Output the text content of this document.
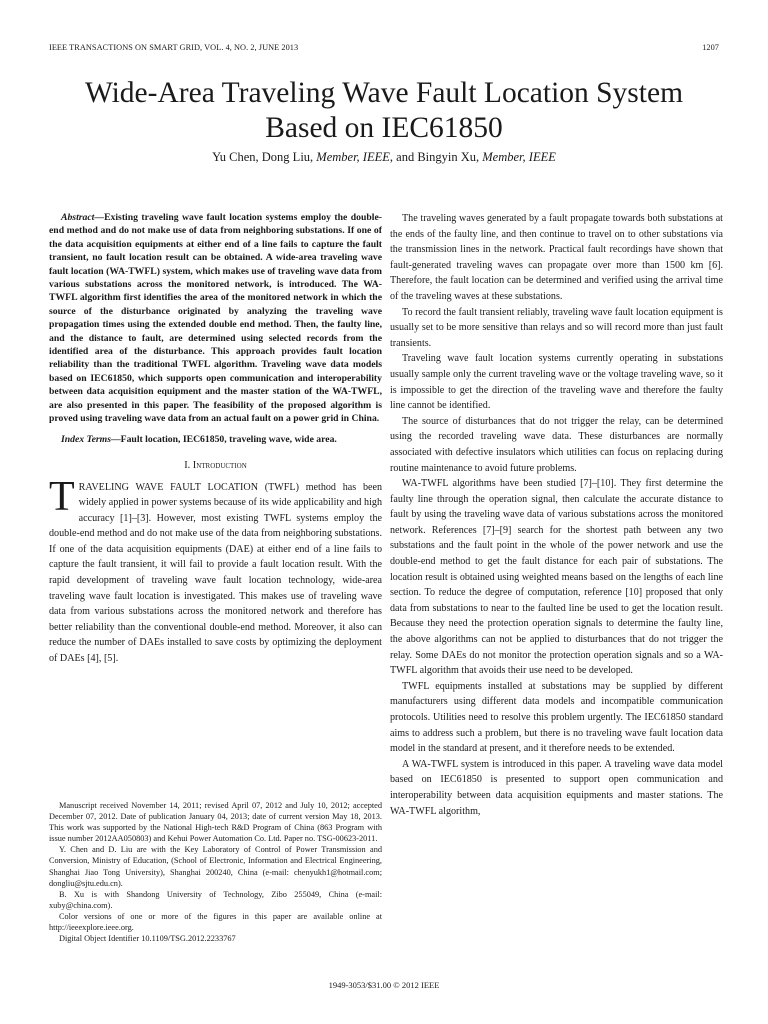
IEEE TRANSACTIONS ON SMART GRID, VOL. 4, NO. 2, JUNE 2013	1207
Wide-Area Traveling Wave Fault Location System
Based on IEC61850
Yu Chen, Dong Liu, Member, IEEE, and Bingyin Xu, Member, IEEE

Abstract—Existing traveling wave fault location systems employ the double-end method and do not make use of data from neighboring substations. If one of the data acquisition equipments at either end of a line fails to capture the fault transient, no fault location result can be obtained. A wide-area traveling wave fault location (WA-TWFL) system, which makes use of traveling wave data from various substations across the monitored network, is introduced. The WA-TWFL algorithm first identifies the area of the monitored network in which the source of the disturbance originated by analyzing the traveling wave propagation times using the extended double end method. Then, the faulty line, and the distance to fault, are determined using selected records from the identified area of the disturbance. This approach provides fault location reliability than the traditional TWFL algorithm. Traveling wave data models based on IEC61850, which supports open communication and interoperability between data acquisition equipment and the master station of the WA-TWFL, are also presented in this paper. The feasibility of the proposed algorithm is proved using traveling wave data from an actual fault on a power grid in China.

Index Terms—Fault location, IEC61850, traveling wave, wide area.

I. Introduction

TRAVELING WAVE FAULT LOCATION (TWFL) method has been widely applied in power systems because of its wide applicability and high accuracy [1]–[3]. However, most existing TWFL systems employ the double-end method and do not make use of the data from neighboring substations. If one of the data acquisition equipments (DAE) at either end of a line fails to capture the fault transient, it will fail to provide a fault location result. With the rapid development of traveling wave fault location technology, wide-area traveling wave fault location is investigated. This makes use of traveling wave data from various substations across the monitored network and therefore has better reliability than the conventional double-end method. Moreover, it also can reduce the number of DAEs installed to save costs by optimizing the deployment of DAEs [4], [5].

Manuscript received November 14, 2011; revised April 07, 2012 and July 10, 2012; accepted December 07, 2012. Date of publication January 04, 2013; date of current version May 18, 2013. This work was supported by the National High-tech R&D Program of China (863 Program with issue number 2012AA050803) and Kehui Power Automation Co. Ltd. Paper no. TSG-00623-2011.

Y. Chen and D. Liu are with the Key Laboratory of Control of Power Transmission and Conversion, Ministry of Education, (School of Electronic, Information and Electrical Engineering, Shanghai Jiao Tong University), Shanghai 200240, China (e-mail: chenyukh1@hotmail.com; dongliu@sjtu.edu.cn).

B. Xu is with Shandong University of Technology, Zibo 255049, China (e-mail: xuby@china.com).

Color versions of one or more of the figures in this paper are available online at http://ieeexplore.ieee.org.

Digital Object Identifier 10.1109/TSG.2012.2233767

The traveling waves generated by a fault propagate towards both substations at the ends of the faulty line, and then continue to travel on to other substations via the transmission lines in the network. Practical fault recordings have shown that fault-generated traveling waves can propagate over more than 1500 km [6]. Therefore, the fault location can be determined and verified using the arrival time of the traveling waves at these substations.

To record the fault transient reliably, traveling wave fault location equipment is usually set to be more sensitive than relays and so will record more than just fault transients.

Traveling wave fault location systems currently operating in substations usually sample only the current traveling wave or the voltage traveling wave, so it is impossible to get the direction of the traveling wave and therefore the faulty line cannot be identified.

The source of disturbances that do not trigger the relay, can be determined using the recorded traveling wave data. These disturbances are normally associated with defective insulators which utilities can focus on replacing during routine maintenance to avoid future problems.

WA-TWFL algorithms have been studied [7]–[10]. They first determine the faulty line through the operation signal, then calculate the accurate distance to fault by using the traveling wave data of various substations across the monitored network. References [7]–[9] search for the shortest path between any two substations and the fault point in the whole of the power network and use the double-end method to get the fault distance for each pair of substations. The location result is obtained using weighted means based on the lengths of each line section. To reduce the degree of computation, reference [10] proposed that only data from substations to near to the faulted line be used to get the location result. Because they need the protection operation signals to determine the faulty line, the above algorithms can not be applied to disturbances that do not trigger the relay. Some DAEs do not monitor the protection operation signals and so a WA-TWFL algorithm that avoids their use need to be developed.

TWFL equipments installed at substations may be supplied by different manufacturers using different data models and incompatible communication protocols. Utilities need to resolve this problem urgently. The IEC61850 standard aims to address such a problem, but there is no traveling wave fault location data model in the standard at present, and it therefore needs to be extended.

A WA-TWFL system is introduced in this paper. A traveling wave data model based on IEC61850 is presented to support open communication and interoperability between data acquisition equipments and master stations. The WA-TWFL algorithm,

1949-3053/$31.00 © 2012 IEEE
